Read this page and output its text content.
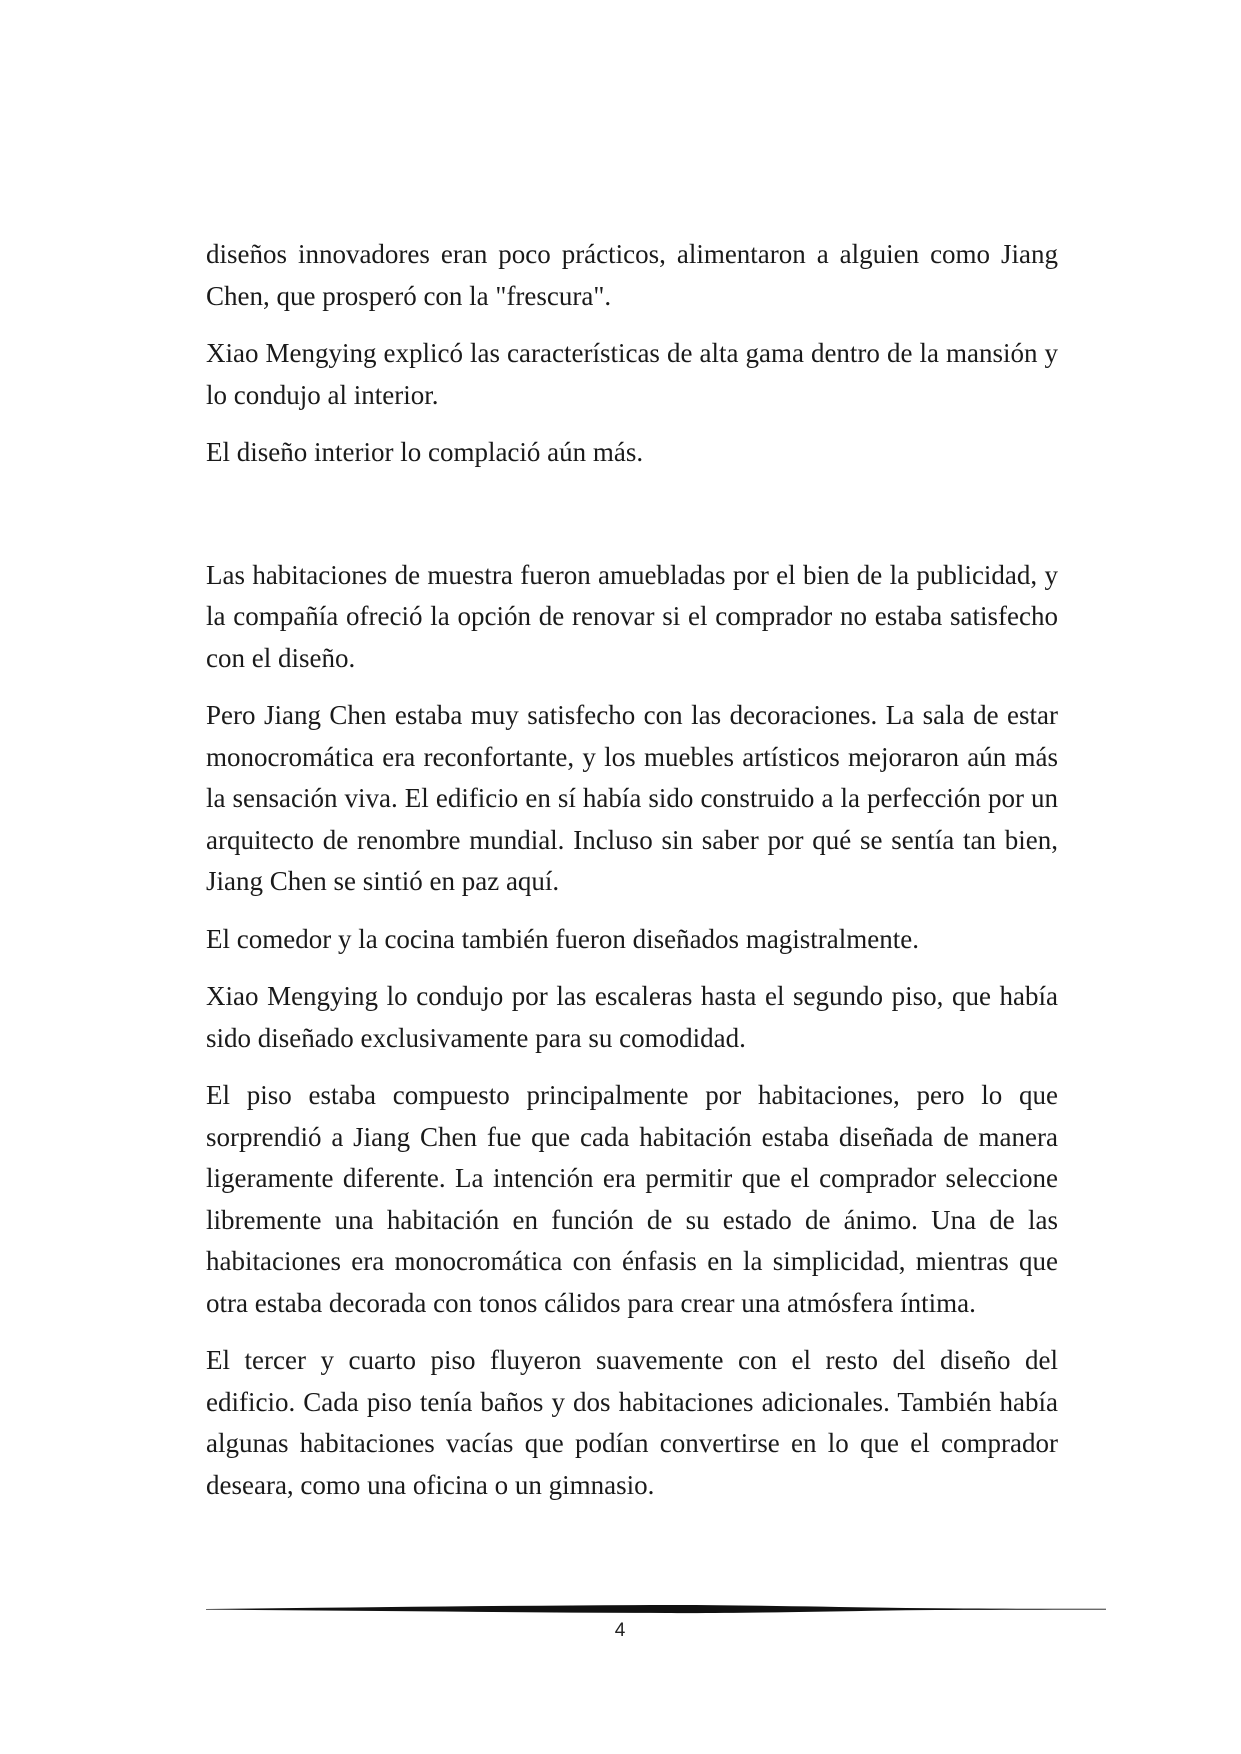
diseños innovadores eran poco prácticos, alimentaron a alguien como Jiang Chen, que prosperó con la "frescura".

Xiao Mengying explicó las características de alta gama dentro de la mansión y lo condujo al interior.

El diseño interior lo complació aún más.

Las habitaciones de muestra fueron amuebladas por el bien de la publicidad, y la compañía ofreció la opción de renovar si el comprador no estaba satisfecho con el diseño.

Pero Jiang Chen estaba muy satisfecho con las decoraciones. La sala de estar monocromática era reconfortante, y los muebles artísticos mejoraron aún más la sensación viva. El edificio en sí había sido construido a la perfección por un arquitecto de renombre mundial. Incluso sin saber por qué se sentía tan bien, Jiang Chen se sintió en paz aquí.

El comedor y la cocina también fueron diseñados magistralmente.

Xiao Mengying lo condujo por las escaleras hasta el segundo piso, que había sido diseñado exclusivamente para su comodidad.

El piso estaba compuesto principalmente por habitaciones, pero lo que sorprendió a Jiang Chen fue que cada habitación estaba diseñada de manera ligeramente diferente. La intención era permitir que el comprador seleccione libremente una habitación en función de su estado de ánimo. Una de las habitaciones era monocromática con énfasis en la simplicidad, mientras que otra estaba decorada con tonos cálidos para crear una atmósfera íntima.

El tercer y cuarto piso fluyeron suavemente con el resto del diseño del edificio. Cada piso tenía baños y dos habitaciones adicionales. También había algunas habitaciones vacías que podían convertirse en lo que el comprador deseara, como una oficina o un gimnasio.

4
